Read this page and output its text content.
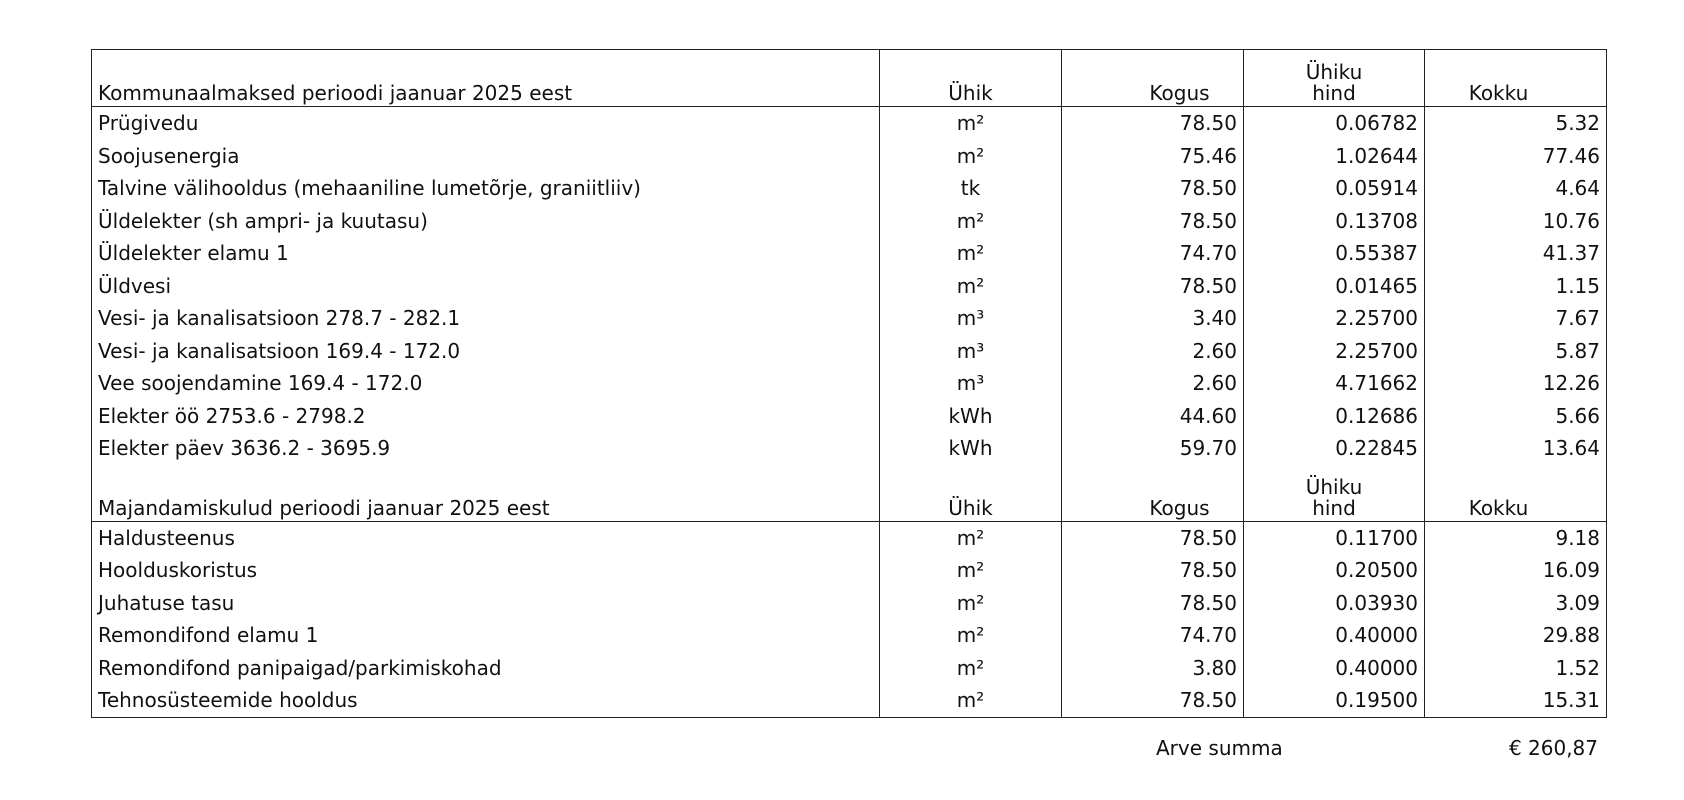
Kommunaalmaksed perioodi jaanuar 2025 eest	Ühik	Kogus	Ühiku
hind	Kokku
Prügivedu	m²	78.50	0.06782	5.32
Soojusenergia	m²	75.46	1.02644	77.46
Talvine välihooldus (mehaaniline lumetõrje, graniitliiv)	tk	78.50	0.05914	4.64
Üldelekter (sh ampri- ja kuutasu)	m²	78.50	0.13708	10.76
Üldelekter elamu 1	m²	74.70	0.55387	41.37
Üldvesi	m²	78.50	0.01465	1.15
Vesi- ja kanalisatsioon 278.7 - 282.1	m³	3.40	2.25700	7.67
Vesi- ja kanalisatsioon 169.4 - 172.0	m³	2.60	2.25700	5.87
Vee soojendamine 169.4 - 172.0	m³	2.60	4.71662	12.26
Elekter öö 2753.6 - 2798.2	kWh	44.60	0.12686	5.66
Elekter päev 3636.2 - 3695.9	kWh	59.70	0.22845	13.64
Majandamiskulud perioodi jaanuar 2025 eest	Ühik	Kogus	Ühiku
hind	Kokku
Haldusteenus	m²	78.50	0.11700	9.18
Hoolduskoristus	m²	78.50	0.20500	16.09
Juhatuse tasu	m²	78.50	0.03930	3.09
Remondifond elamu 1	m²	74.70	0.40000	29.88
Remondifond panipaigad/parkimiskohad	m²	3.80	0.40000	1.52
Tehnosüsteemide hooldus	m²	78.50	0.19500	15.31
Arve summa	€ 260,87
